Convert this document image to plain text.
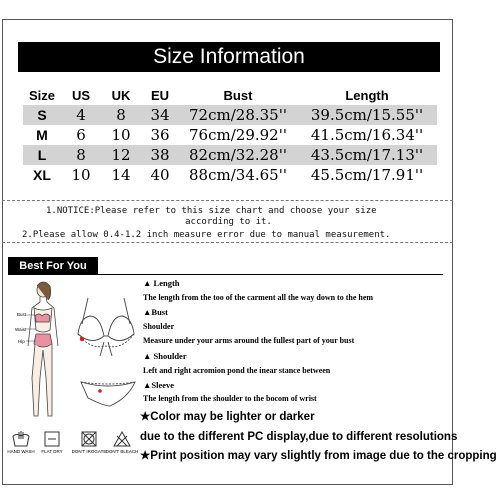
Size Information
Size	US	UK	EU	Bust	Length
S	4	8	34	72cm/28.35''	39.5cm/15.55''
M	6	10	36	76cm/29.92''	41.5cm/16.34''
L	8	12	38	82cm/32.28''	43.5cm/17.13''
XL	10	14	40	88cm/34.65''	45.5cm/17.91''
1.NOTICE:Please refer to this size chart and choose your size
according to it.
2.Please allow 0.4-1.2 inch measure error due to manual measurement.
Best For You
Bust
Waist
Hip
▲ Length
The length from the too of the carment all the way down to the hem
▲Bust
Shoulder
Measure under your arms around the fullest part of your bust
▲ Shoulder
Left and right acromion pond the inear stance between
▲Sleeve
The length from the shoulder to the bocom of wrist
★Color may be lighter or darker
due to the different PC display,due to different resolutions
★Print position may vary slightly from image due to the cropping
HAND WASH	FLAT DRY	DON'T IROGATE DON'T BLEACH
